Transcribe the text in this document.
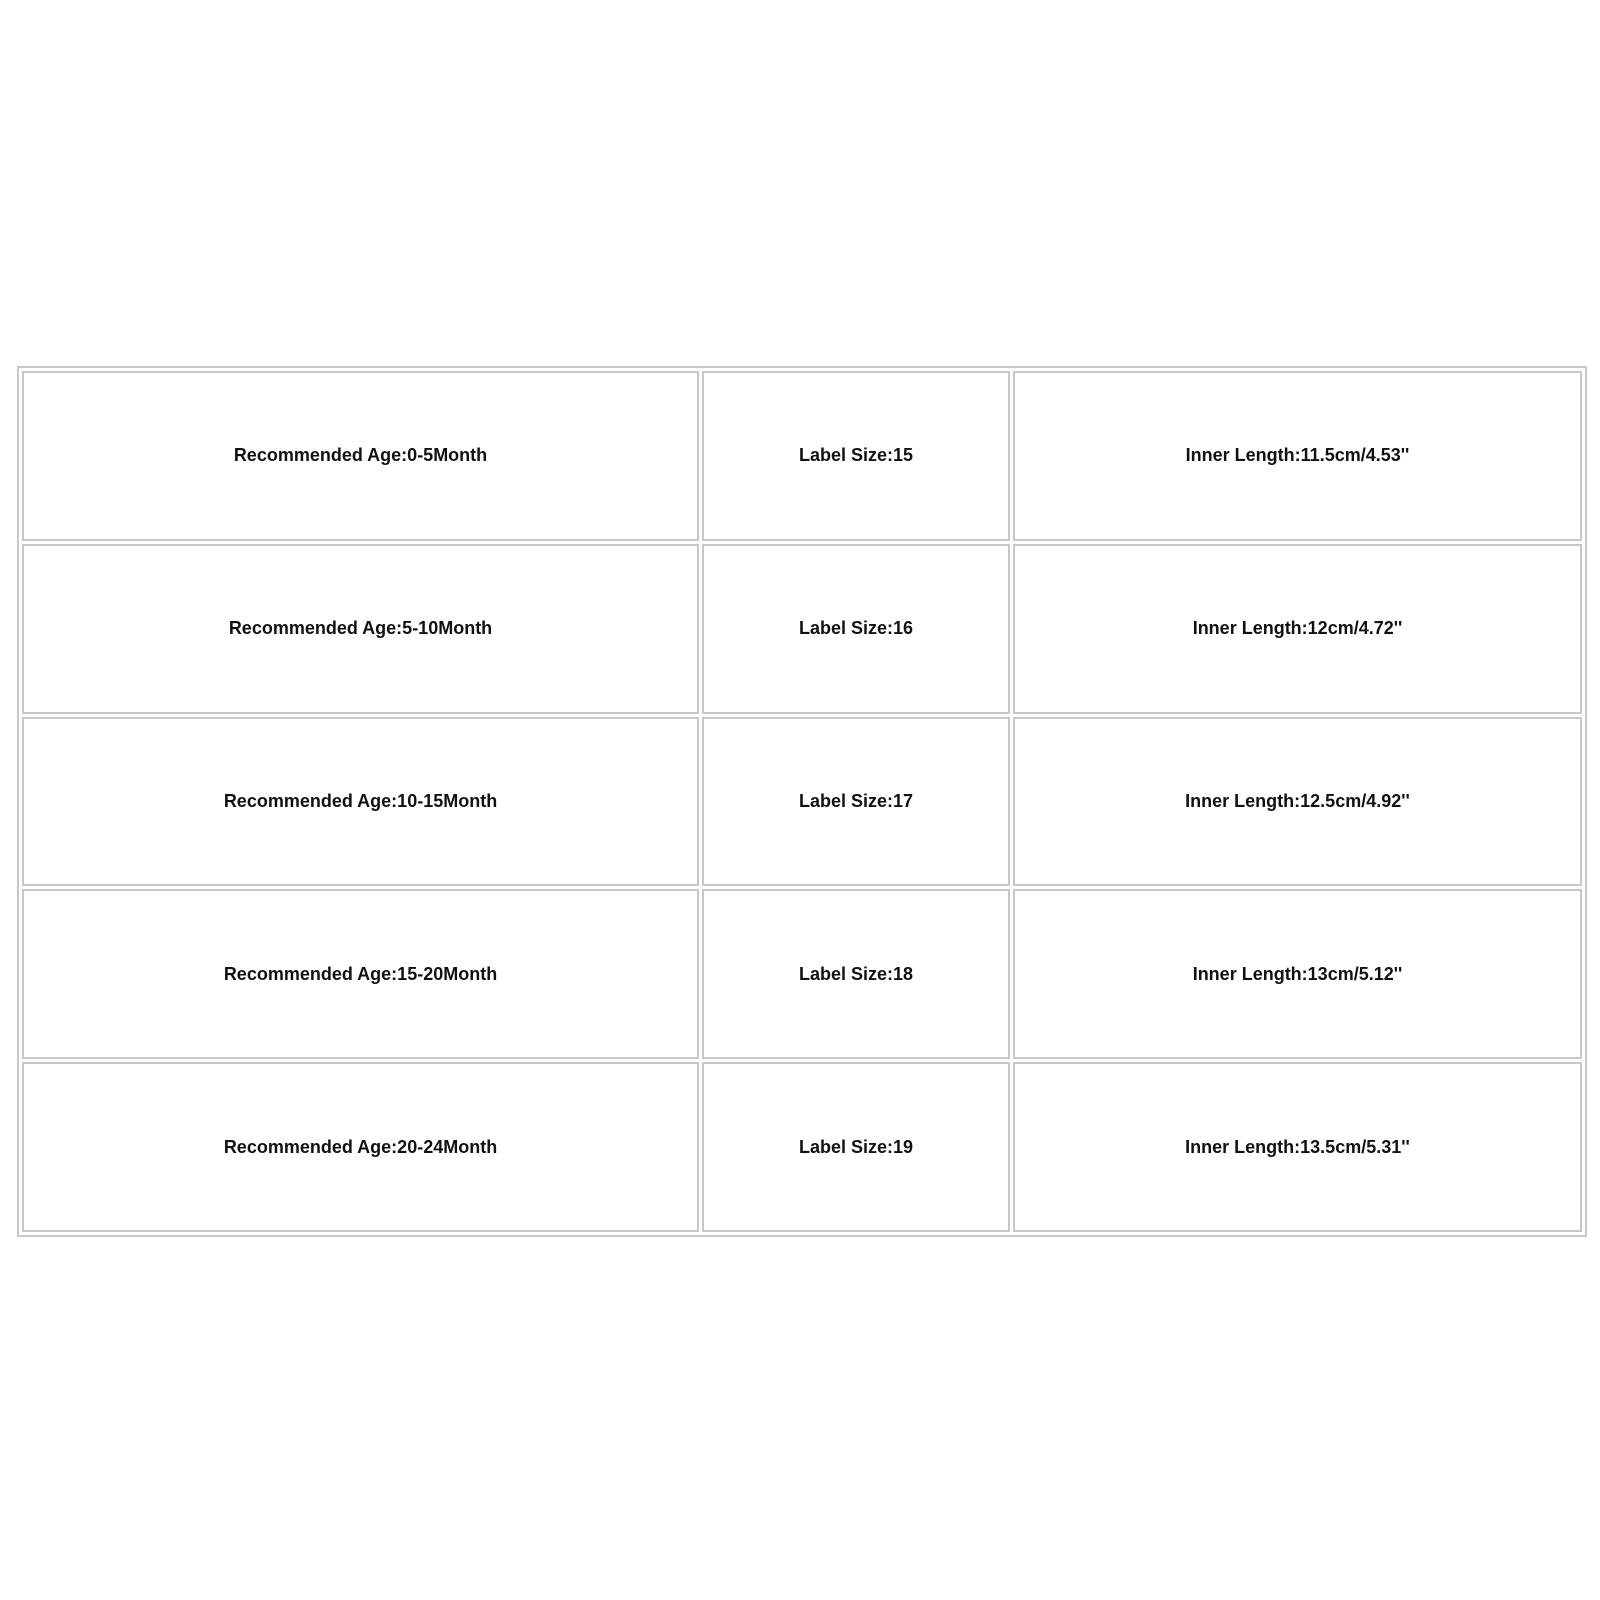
Recommended Age:0-5Month	Label Size:15	Inner Length:11.5cm/4.53''
Recommended Age:5-10Month	Label Size:16	Inner Length:12cm/4.72''
Recommended Age:10-15Month	Label Size:17	Inner Length:12.5cm/4.92''
Recommended Age:15-20Month	Label Size:18	Inner Length:13cm/5.12''
Recommended Age:20-24Month	Label Size:19	Inner Length:13.5cm/5.31''
